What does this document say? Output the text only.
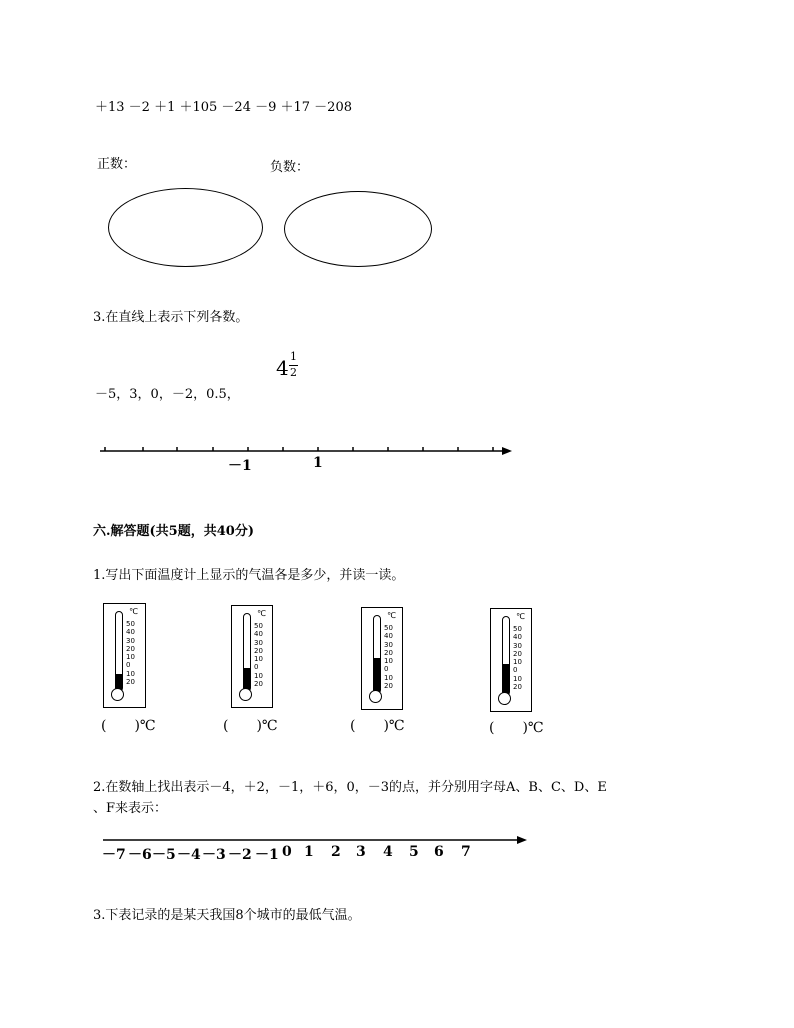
＋13 －2 ＋1 ＋105 －24 －9 ＋17 －208
正数：	负数：
3.在直线上表示下列各数。
－5，3，0，－2，0.5，
4 1
2
－1	1
六.解答题(共5题，共40分)
1.写出下面温度计上显示的气温各是多少，并读一读。
℃
50
40
30
20
10
0
10
20
℃
50
40
30
20
10
0
10
20
℃
50
40
30
20
10
0
10
20
℃
50
40
30
20
10
0
10
20
(　　)℃	(　　)℃	(　　)℃	(　　)℃
2.在数轴上找出表示－4，＋2，－1，＋6，0，－3的点，并分别用字母A、B、C、D、E
、F来表示：
－7 －6 －5 －4 －3 －2 －1 0 1 2 3 4 5 6 7
3.下表记录的是某天我国8个城市的最低气温。
